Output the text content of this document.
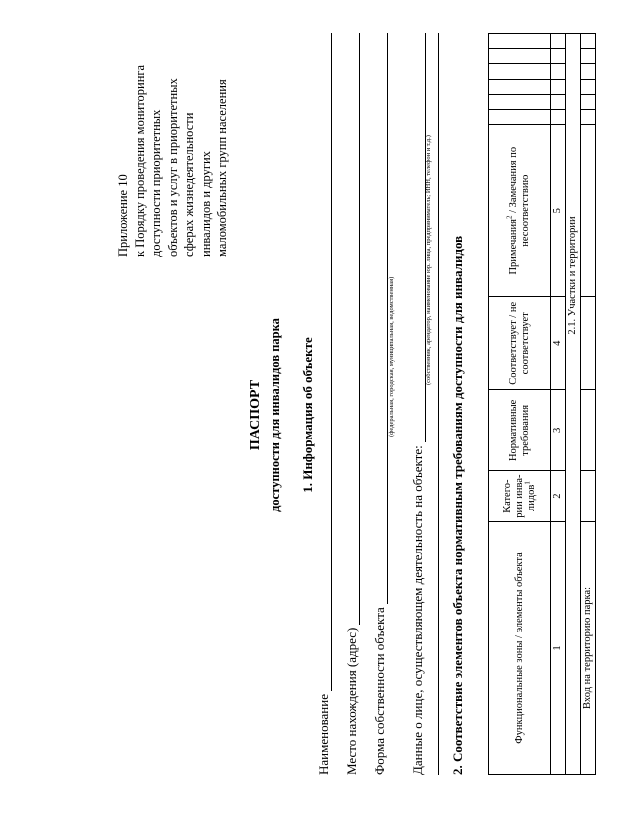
Приложение 10 к Порядку проведения мониторинга доступности приоритетных объектов и услуг в приоритетных сферах жизнедеятельности инвалидов и других маломобильных групп населения
ПАСПОРТ доступности для инвалидов парка 1. Информация об объекте
Наименование Место нахождения (адрес) Форма собственности объекта
(федеральная, городская, муниципальная, ведомственная)
Данные о лице, осуществляющем деятельность на объекте:
(собственник, арендатор, наименование юр. лица, предприниматель; ИНН, телефон и т.д.) 2. Соответствие элементов объекта нормативным требованиям доступности для инвалидов	Функциональные зоны / элементы объекта	Катего-рии инва-лидов$^1$	Нормативные требования	Соответствует / не соответствует	Примечания$^2$ / Замечания по несоответствию						
1	2	3	4	5						
2.1. Участки и территории										
Вход на территорию парка:										
